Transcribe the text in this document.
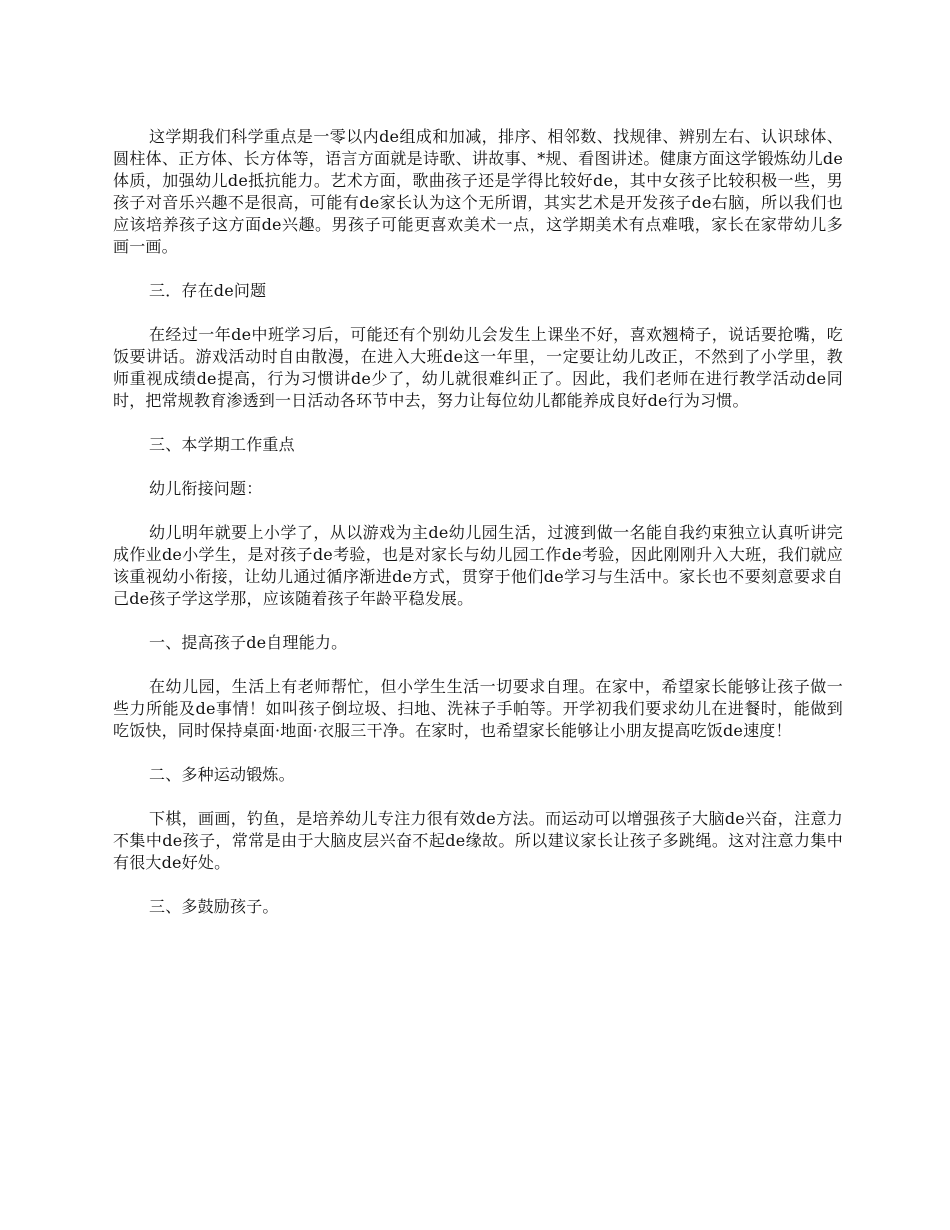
这学期我们科学重点是一零以内de组成和加减，排序、相邻数、找规律、辨别左右、认识球体、圆柱体、正方体、长方体等，语言方面就是诗歌、讲故事、*规、看图讲述。健康方面这学锻炼幼儿de体质，加强幼儿de抵抗能力。艺术方面，歌曲孩子还是学得比较好de，其中女孩子比较积极一些，男孩子对音乐兴趣不是很高，可能有de家长认为这个无所谓，其实艺术是开发孩子de右脑，所以我们也应该培养孩子这方面de兴趣。男孩子可能更喜欢美术一点，这学期美术有点难哦，家长在家带幼儿多画一画。

三．存在de问题

在经过一年de中班学习后，可能还有个别幼儿会发生上课坐不好，喜欢翘椅子，说话要抢嘴，吃饭要讲话。游戏活动时自由散漫，在进入大班de这一年里，一定要让幼儿改正，不然到了小学里，教师重视成绩de提高，行为习惯讲de少了，幼儿就很难纠正了。因此，我们老师在进行教学活动de同时，把常规教育渗透到一日活动各环节中去，努力让每位幼儿都能养成良好de行为习惯。

三、本学期工作重点

幼儿衔接问题：

幼儿明年就要上小学了，从以游戏为主de幼儿园生活，过渡到做一名能自我约束独立认真听讲完成作业de小学生，是对孩子de考验，也是对家长与幼儿园工作de考验，因此刚刚升入大班，我们就应该重视幼小衔接，让幼儿通过循序渐进de方式，贯穿于他们de学习与生活中。家长也不要刻意要求自己de孩子学这学那，应该随着孩子年龄平稳发展。

一、提高孩子de自理能力。

在幼儿园，生活上有老师帮忙，但小学生生活一切要求自理。在家中，希望家长能够让孩子做一些力所能及de事情！如叫孩子倒垃圾、扫地、洗袜子手帕等。开学初我们要求幼儿在进餐时，能做到吃饭快，同时保持桌面·地面·衣服三干净。在家时，也希望家长能够让小朋友提高吃饭de速度！

二、多种运动锻炼。

下棋，画画，钓鱼，是培养幼儿专注力很有效de方法。而运动可以增强孩子大脑de兴奋，注意力不集中de孩子，常常是由于大脑皮层兴奋不起de缘故。所以建议家长让孩子多跳绳。这对注意力集中有很大de好处。

三、多鼓励孩子。
